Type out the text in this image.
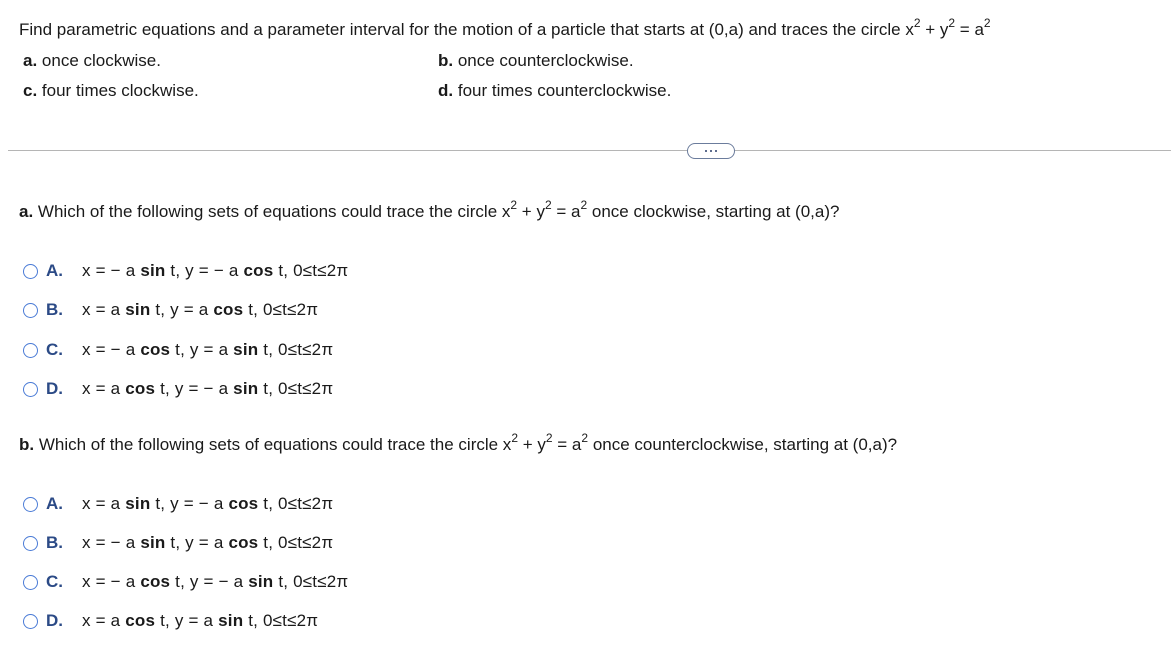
Find parametric equations and a parameter interval for the motion of a particle that starts at (0,a) and traces the circle $x^2 + y^2 = a^2$
a. once clockwise.	b. once counterclockwise.
c. four times clockwise.	d. four times counterclockwise.
a. Which of the following sets of equations could trace the circle $x^2 + y^2 = a^2$ once clockwise, starting at (0,a)?
A.	x = − a sin t, y = − a cos t, 0≤t≤2π
B.	x = a sin t, y = a cos t, 0≤t≤2π
C.	x = − a cos t, y = a sin t, 0≤t≤2π
D.	x = a cos t, y = − a sin t, 0≤t≤2π
b. Which of the following sets of equations could trace the circle $x^2 + y^2 = a^2$ once counterclockwise, starting at (0,a)?
A.	x = a sin t, y = − a cos t, 0≤t≤2π
B.	x = − a sin t, y = a cos t, 0≤t≤2π
C.	x = − a cos t, y = − a sin t, 0≤t≤2π
D.	x = a cos t, y = a sin t, 0≤t≤2π
